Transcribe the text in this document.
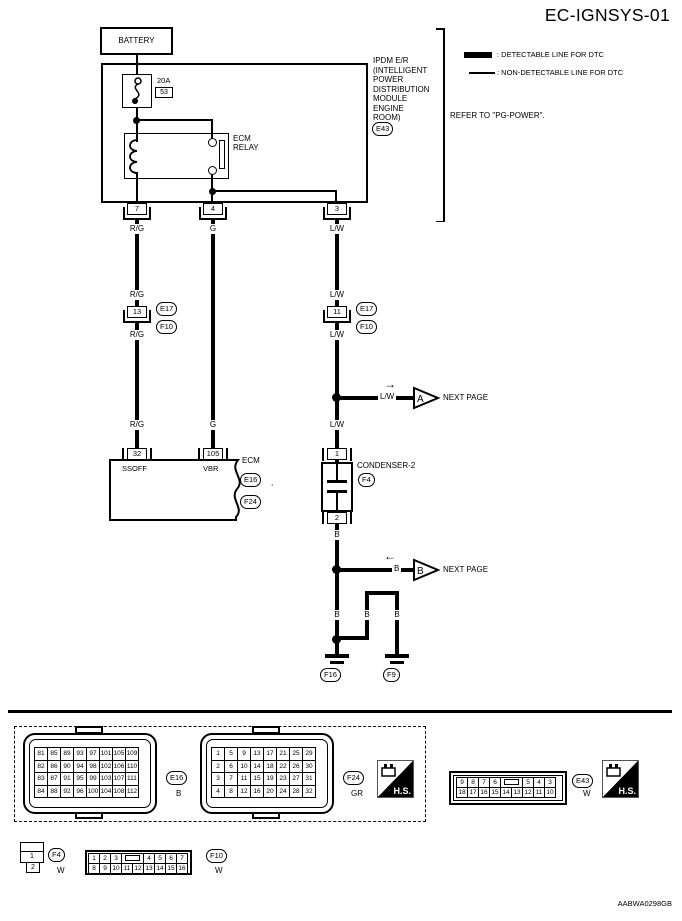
EC-IGNSYS-01
BATTERY
20A
53
ECM
RELAY
7	4	3
IPDM E/R
(INTELLIGENT
POWER
DISTRIBUTION
MODULE
ENGINE
ROOM)
E43
: DETECTABLE LINE FOR DTC
: NON-DETECTABLE LINE FOR DTC
REFER TO "PG-POWER".
R/G	G	L/W
R/G	L/W
13	E17
F10
11	E17
F10
R/G	L/W
R/G	G	L/W
L/W
→
A NEXT PAGE
1
CONDENSER-2
F4
2
B
B
←
B NEXT PAGE
B	B	B
F16	F9
32	105
SSOFF	VBR
ECM
E16	,
F24
81	85	89	93	97	101	105	109
82	86	90	94	98	102	106	110
83	87	91	95	99	103	107	111
84	88	92	96	100	104	108	112
E16
B
1	5	9	13	17	21	25	29
2	6	10	14	18	22	26	30
3	7	11	15	19	23	27	31
4	8	12	16	20	24	28	32
F24
GR	H.S.
9	8	7	6			5	4	3
18	17	16	15	14	13	12	11	10
E43
W	H.S.
1
2
F4
W
1	2	3			4	5	6	7
8	9	10	11	12	13	14	15	16
F10
W
AABWA0298GB
